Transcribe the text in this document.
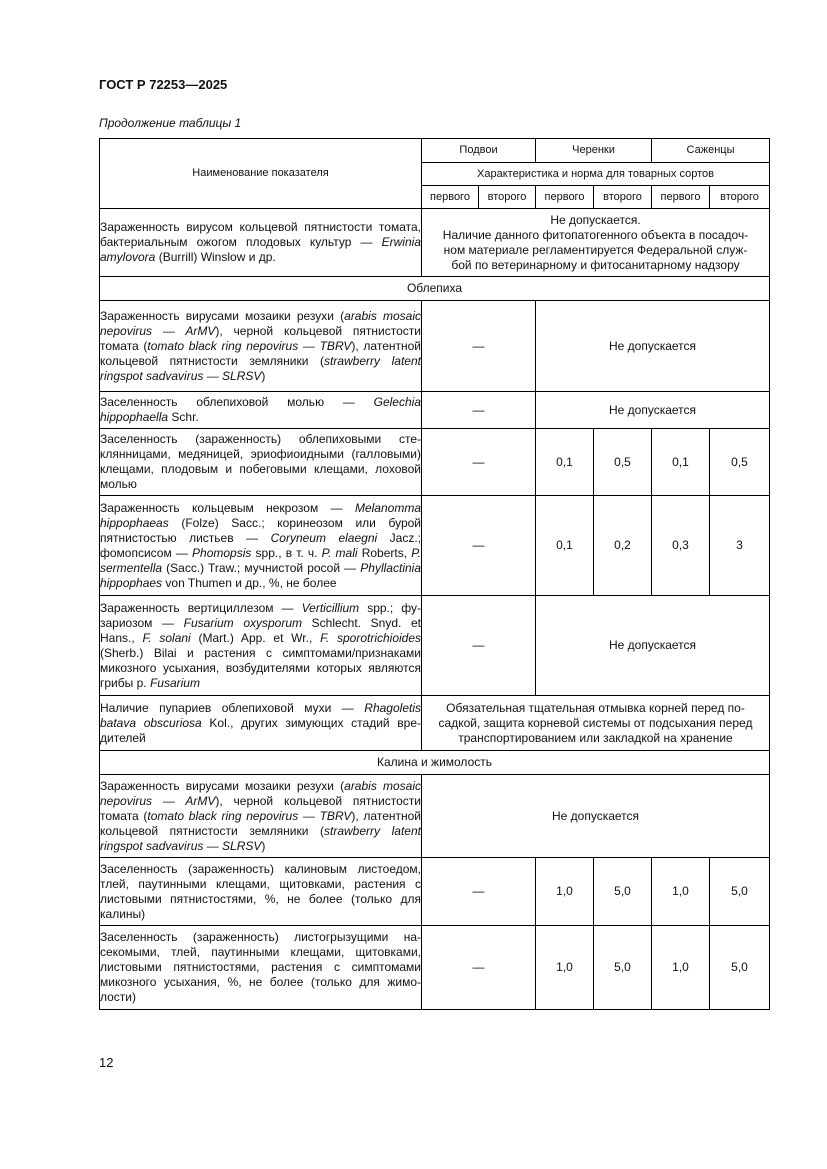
ГОСТ Р 72253—2025
Продолжение таблицы 1
Наименование показателя	Подвои		Черенки		Саженцы	
	Характеристика и норма для товарных сортов					
	первого	второго	первого	второго	первого	второго
Зараженность вирусом кольцевой пятнистости томата, бактериальным ожогом плодовых культур — Erwinia amylovora (Burrill) Winslow и др.	Не допускается.
Наличие данного фитопатогенного объекта в посадоч-
ном материале регламентируется Федеральной служ-
бой по ветеринарному и фитосанитарному надзору					

Облепиха						
Зараженность вирусами мозаики резухи (arabis mosaic nepovirus — ArMV), черной кольцевой пятнистости томата (tomato black ring nepovirus — TBRV), латентной кольцевой пятнистости земляники (strawberry latent ringspot sadvavirus — SLRSV)	—		Не допускается			
Заселенность облепиховой молью — Gelechia hippophaella Schr.	—		Не допускается			
Заселенность (зараженность) облепиховыми стеклянницами, медяницей, эриофиоидными (галловыми) клещами, плодовым и побеговыми клещами, лоховой молью	—		0,1	0,5	0,1	0,5
Зараженность кольцевым некрозом — Melanomma hippophaeas (Folze) Sacc.; коринеозом или бурой пятнистостью листьев — Coryneum elaegni Jacz.; фомопсисом — Phomopsis spp., в т. ч. P. mali Roberts, P. sermentella (Sacc.) Traw.; мучнистой росой — Phyllactinia hippophaes von Thumen и др., %, не более	—		0,1	0,2	0,3	3
Зараженность вертициллезом — Verticillium spp.; фузариозом — Fusarium oxysporum Schlecht. Snyd. et Hans., F. solani (Mart.) App. et Wr., F. sporotrichioides (Sherb.) Bilai и растения с симптомами/признаками микозного усыхания, возбудителями которых являются грибы р. Fusarium	—		Не допускается			
Наличие пупариев облепиховой мухи — Rhagoletis batava obscuriosa Kol., других зимующих стадий вредителей	Обязательная тщательная отмывка корней перед по-
садкой, защита корневой системы от подсыхания перед
транспортированием или закладкой на хранение					

Калина и жимолость						
Зараженность вирусами мозаики резухи (arabis mosaic nepovirus — ArMV), черной кольцевой пятнистости томата (tomato black ring nepovirus — TBRV), латентной кольцевой пятнистости земляники (strawberry latent ringspot sadvavirus — SLRSV)	Не допускается					
Заселенность (зараженность) калиновым листоедом, тлей, паутинными клещами, щитовками, растения с листовыми пятнистостями, %, не более (только для калины)	—		1,0	5,0	1,0	5,0
Заселенность (зараженность) листогрызущими насекомыми, тлей, паутинными клещами, щитовками, листовыми пятнистостями, растения с симптомами микозного усыхания, %, не более (только для жимолости)	—		1,0	5,0	1,0	5,0
12
